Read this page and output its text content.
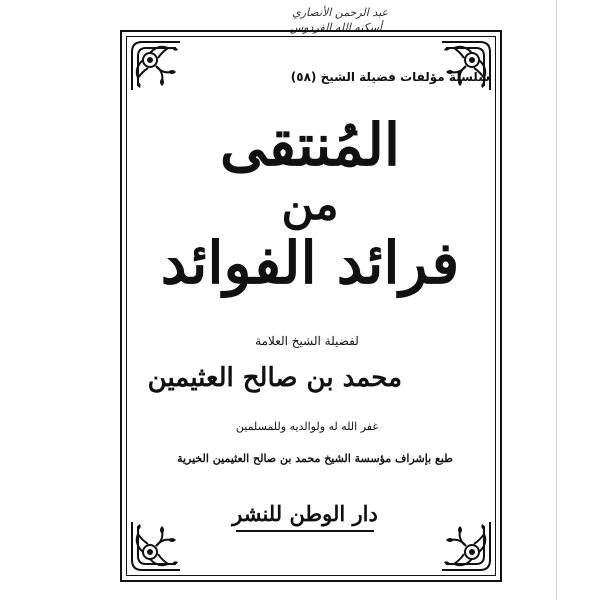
عبد الرحمن الأنصاري
أسكنه الله الفردوس
سلسلة مؤلفات فضيلة الشيخ (٥٨)
المُنتقى
من
فرائد الفوائد
لفضيلة الشيخ العلامة
محمد بن صالح العثيمين
غفر الله له ولوالديه وللمسلمين
طبع بإشراف مؤسسة الشيخ محمد بن صالح العثيمين الخيرية
دار الوطن للنشر
